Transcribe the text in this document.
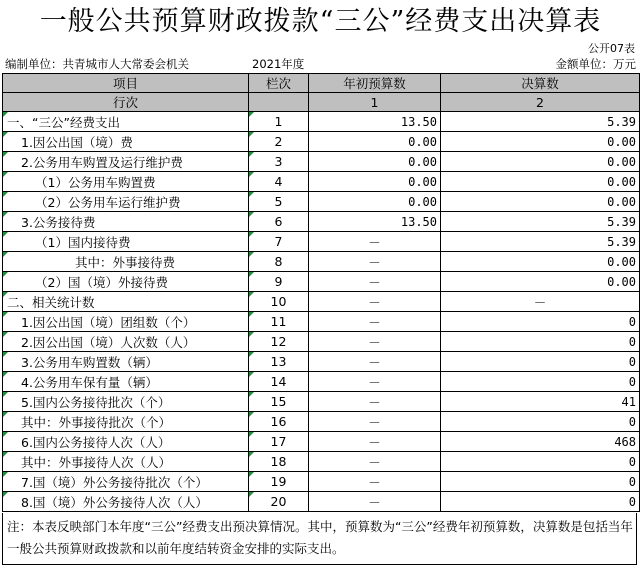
一般公共预算财政拨款“三公”经费支出决算表
公开07表
编制单位：共青城市人大常委会机关	2021年度	金额单位：万元
项目	栏次	年初预算数	决算数
行次		1	2
一、“三公”经费支出	1	13.50	5.39
1.因公出国（境）费	2	0.00	0.00
2.公务用车购置及运行维护费	3	0.00	0.00
（1）公务用车购置费	4	0.00	0.00
（2）公务用车运行维护费	5	0.00	0.00
3.公务接待费	6	13.50	5.39
（1）国内接待费	7	－	5.39
其中：外事接待费	8	－	0.00
（2）国（境）外接待费	9	－	0.00
二、相关统计数	10	－	－
1.因公出国（境）团组数（个）	11	－	0
2.因公出国（境）人次数（人）	12	－	0
3.公务用车购置数（辆）	13	－	0
4.公务用车保有量（辆）	14	－	0
5.国内公务接待批次（个）	15	－	41
其中：外事接待批次（个）	16	－	0
6.国内公务接待人次（人）	17	－	468
其中：外事接待人次（人）	18	－	0
7.国（境）外公务接待批次（个）	19	－	0
8.国（境）外公务接待人次（人）	20	－	0
注：本表反映部门本年度“三公”经费支出预决算情况。其中，预算数为“三公”经费年初预算数，决算数是包括当年一般公共预算财政拨款和以前年度结转资金安排的实际支出。
